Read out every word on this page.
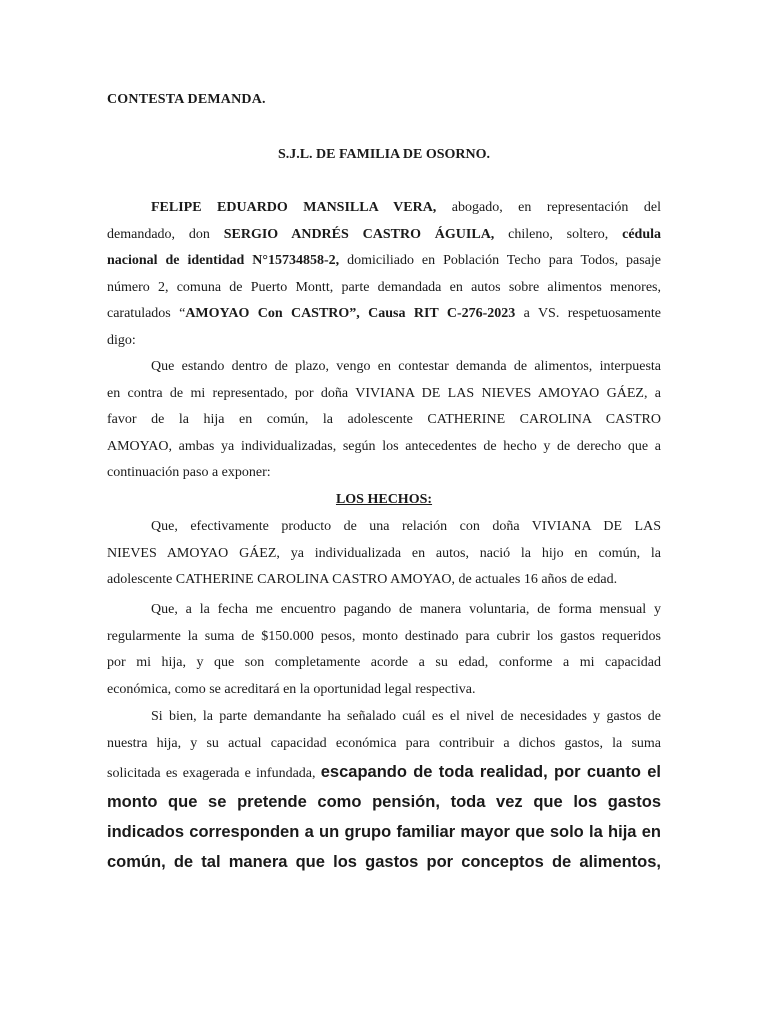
CONTESTA DEMANDA.
S.J.L. DE FAMILIA DE OSORNO.
FELIPE EDUARDO MANSILLA VERA, abogado, en representación del
demandado, don SERGIO ANDRÉS CASTRO ÁGUILA, chileno, soltero, cédula
nacional de identidad N°15734858-2, domiciliado en Población Techo para Todos, pasaje
número 2, comuna de Puerto Montt, parte demandada en autos sobre alimentos menores,
caratulados “AMOYAO Con CASTRO”, Causa RIT C-276-2023 a VS. respetuosamente
digo:
Que estando dentro de plazo, vengo en contestar demanda de alimentos, interpuesta
en contra de mi representado, por doña VIVIANA DE LAS NIEVES AMOYAO GÁEZ, a
favor de la hija en común, la adolescente CATHERINE CAROLINA CASTRO
AMOYAO, ambas ya individualizadas, según los antecedentes de hecho y de derecho que a
continuación paso a exponer:
LOS HECHOS:
Que, efectivamente producto de una relación con doña VIVIANA DE LAS
NIEVES AMOYAO GÁEZ, ya individualizada en autos, nació la hijo en común, la
adolescente CATHERINE CAROLINA CASTRO AMOYAO, de actuales 16 años de edad.
Que, a la fecha me encuentro pagando de manera voluntaria, de forma mensual y
regularmente la suma de $150.000 pesos, monto destinado para cubrir los gastos requeridos
por mi hija, y que son completamente acorde a su edad, conforme a mi capacidad
económica, como se acreditará en la oportunidad legal respectiva.
Si bien, la parte demandante ha señalado cuál es el nivel de necesidades y gastos de
nuestra hija, y su actual capacidad económica para contribuir a dichos gastos, la suma
solicitada es exagerada e infundada, escapando de toda realidad, por cuanto el
monto que se pretende como pensión, toda vez que los gastos
indicados corresponden a un grupo familiar mayor que solo la hija en
común, de tal manera que los gastos por conceptos de alimentos,
